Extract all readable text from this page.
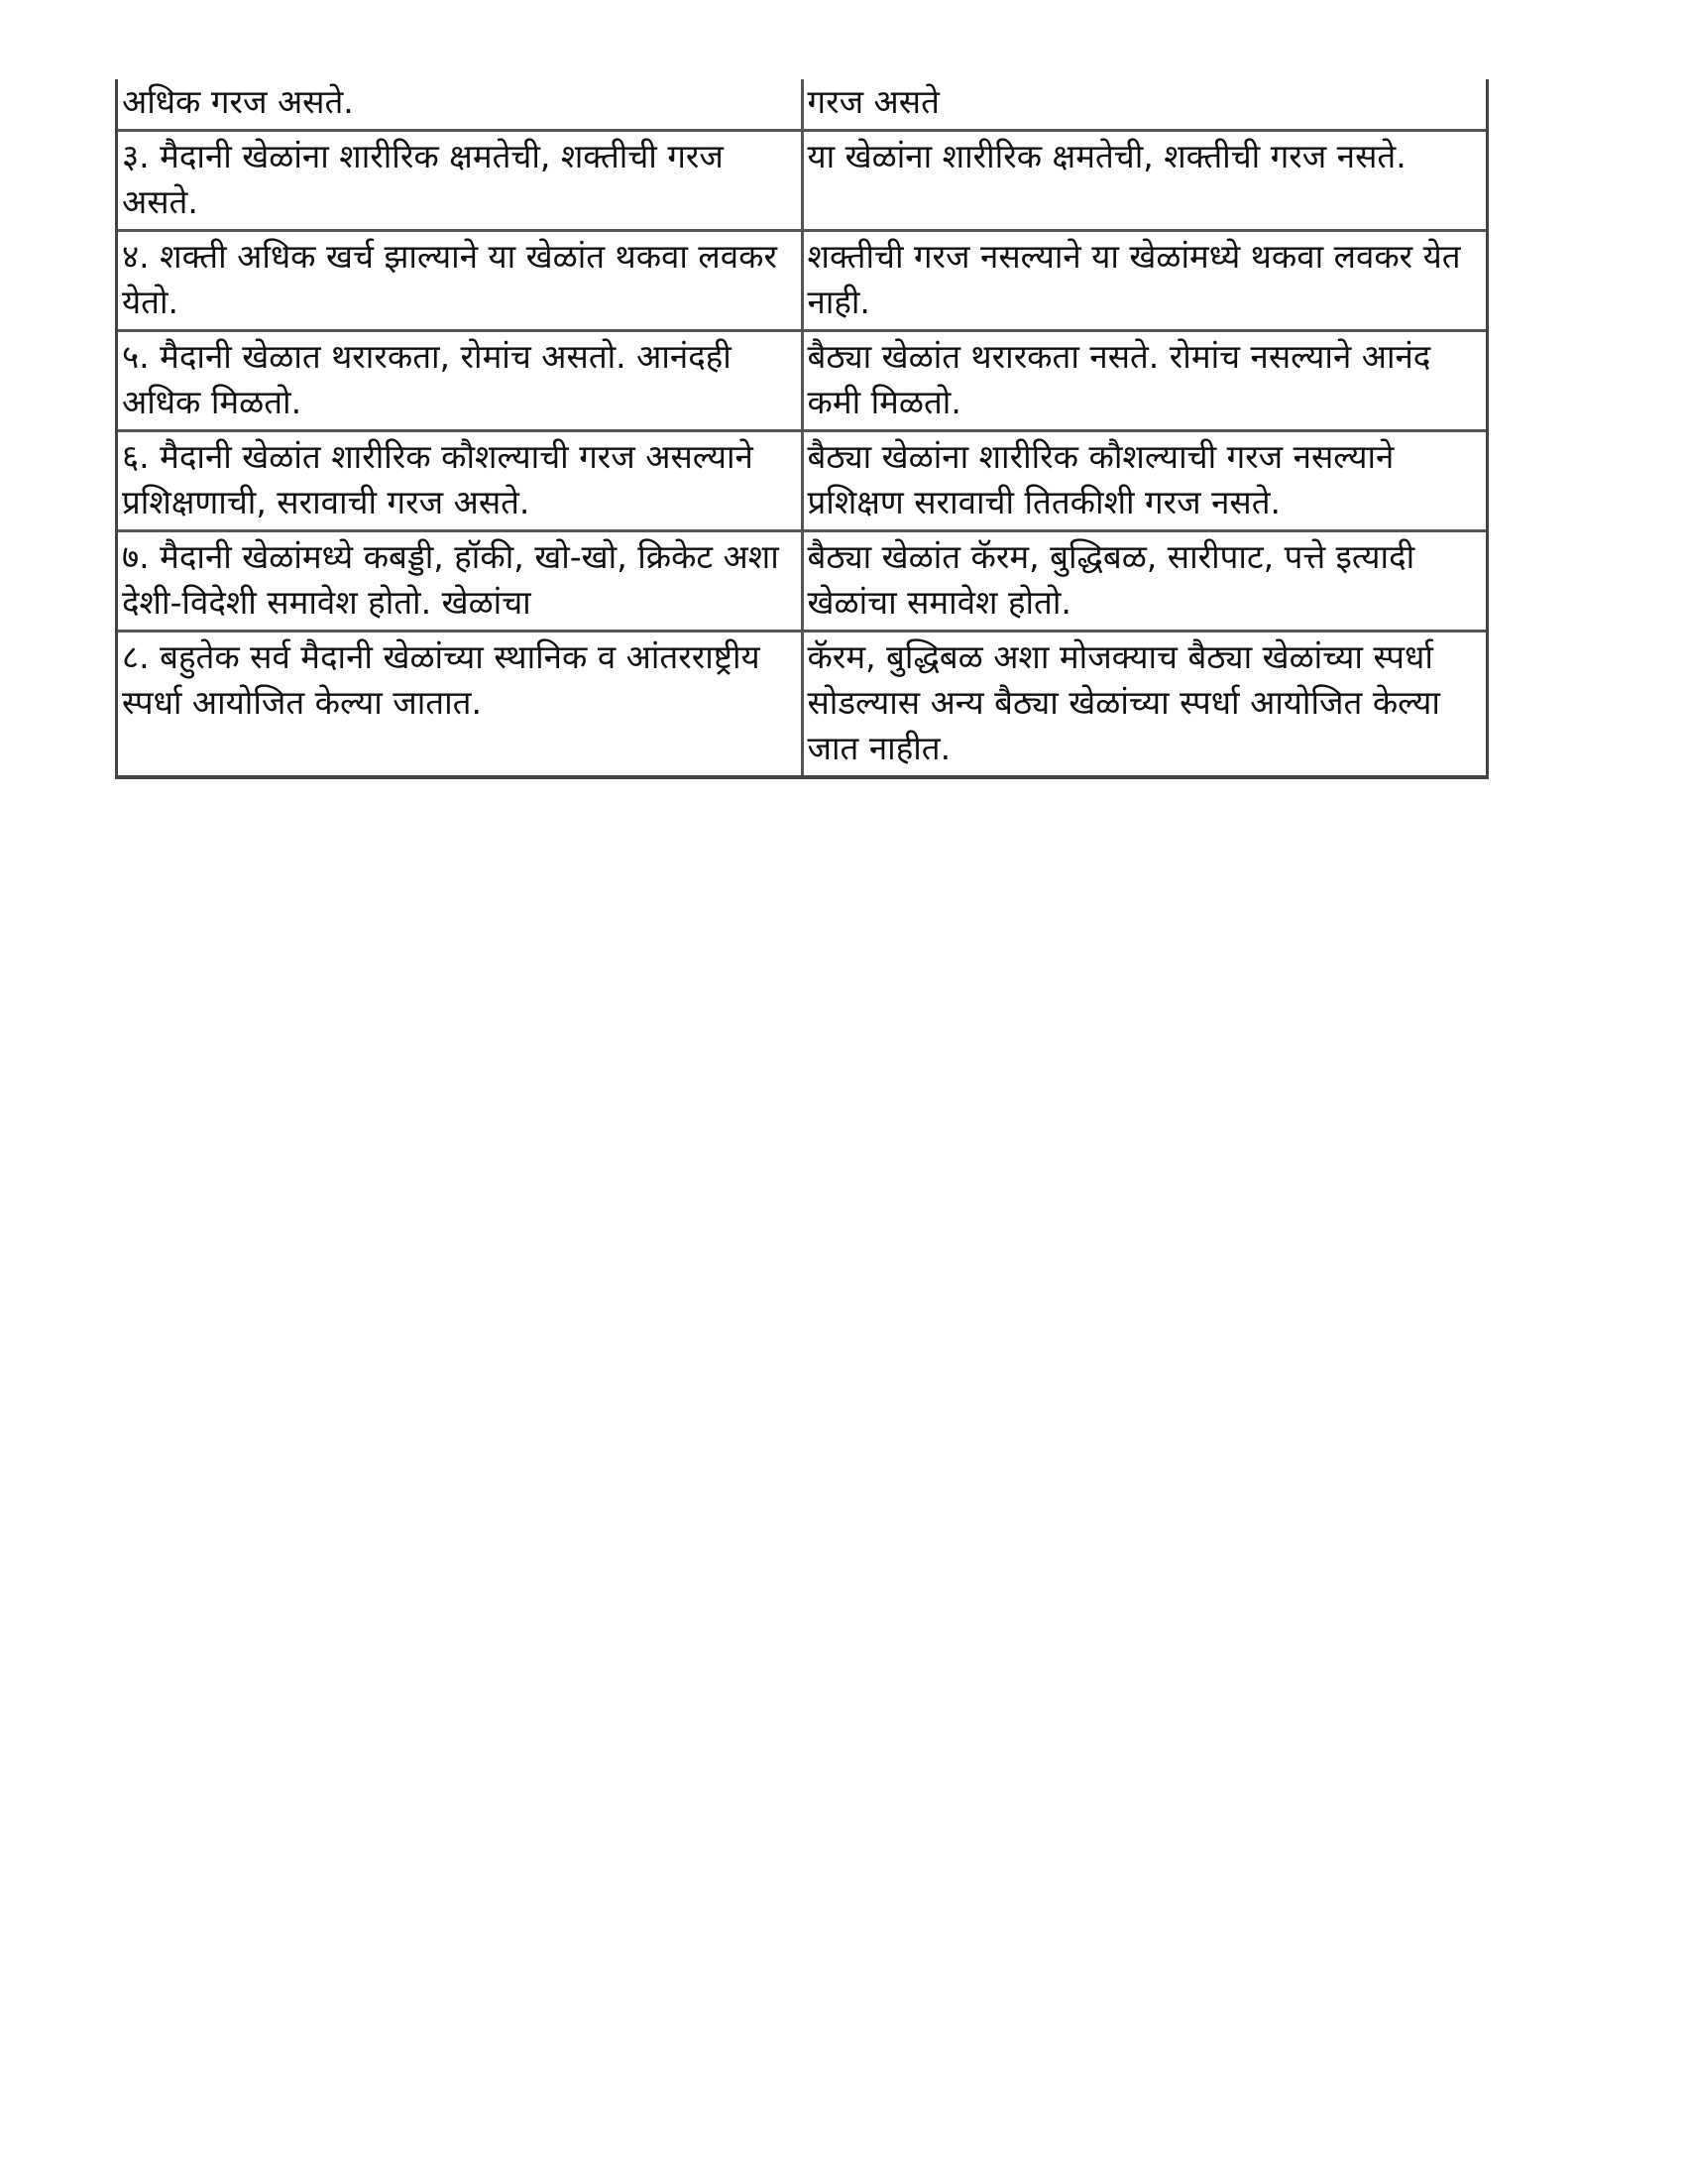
अधिक गरज असते.	गरज असते
३. मैदानी खेळांना शारीरिक क्षमतेची, शक्तीची गरज असते.	या खेळांना शारीरिक क्षमतेची, शक्तीची गरज नसते.
४. शक्ती अधिक खर्च झाल्याने या खेळांत थकवा लवकर येतो.	शक्तीची गरज नसल्याने या खेळांमध्ये थकवा लवकर येत नाही.
५. मैदानी खेळात थरारकता, रोमांच असतो. आनंदही अधिक मिळतो.	बैठ्या खेळांत थरारकता नसते. रोमांच नसल्याने आनंद कमी मिळतो.
६. मैदानी खेळांत शारीरिक कौशल्याची गरज असल्याने प्रशिक्षणाची, सरावाची गरज असते.	बैठ्या खेळांना शारीरिक कौशल्याची गरज नसल्याने प्रशिक्षण सरावाची तितकीशी गरज नसते.
७. मैदानी खेळांमध्ये कबड्डी, हॉकी, खो-खो, क्रिकेट अशा देशी-विदेशी समावेश होतो. खेळांचा	बैठ्या खेळांत कॅरम, बुद्धिबळ, सारीपाट, पत्ते इत्यादी खेळांचा समावेश होतो.
८. बहुतेक सर्व मैदानी खेळांच्या स्थानिक व आंतरराष्ट्रीय स्पर्धा आयोजित केल्या जातात.	कॅरम, बुद्धिबळ अशा मोजक्याच बैठ्या खेळांच्या स्पर्धा सोडल्यास अन्य बैठ्या खेळांच्या स्पर्धा आयोजित केल्या जात नाहीत.
